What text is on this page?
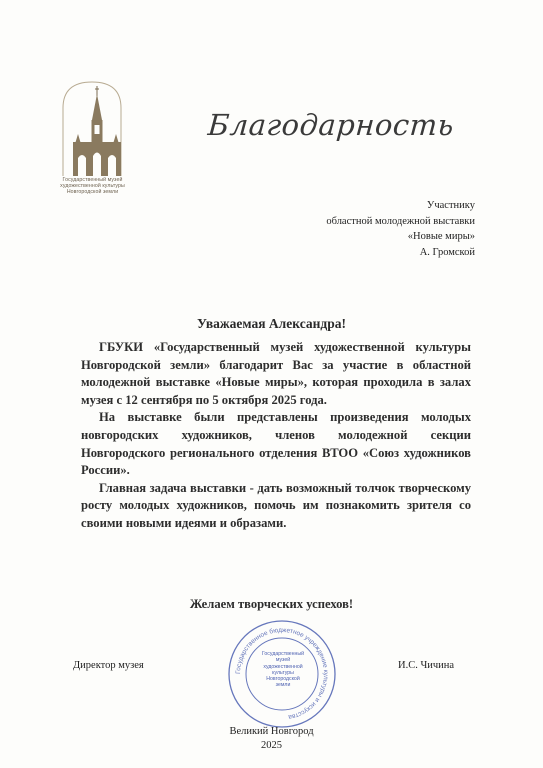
Государственный музей
художественной культуры
Новгородской земли
Благодарность
Участнику
областной молодежной выставки
«Новые миры»
А. Громской
Уважаемая Александра!

ГБУКИ «Государственный музей художественной культуры Новгородской земли» благодарит Вас за участие в областной молодежной выставке «Новые миры», которая проходила в залах музея с 12 сентября по 5 октября 2025 года.

На выставке были представлены произведения молодых новгородских художников, членов молодежной секции Новгородского регионального отделения ВТОО «Союз художников России».

Главная задача выставки - дать возможный толчок творческому росту молодых художников, помочь им познакомить зрителя со своими новыми идеями и образами.

Желаем творческих успехов!
Директор музея	И.С. Чичина
Государственное бюджетное учреждение культуры и искусства
Государственный
музей
художественной
культуры
Новгородской
земли
Великий Новгород
2025
